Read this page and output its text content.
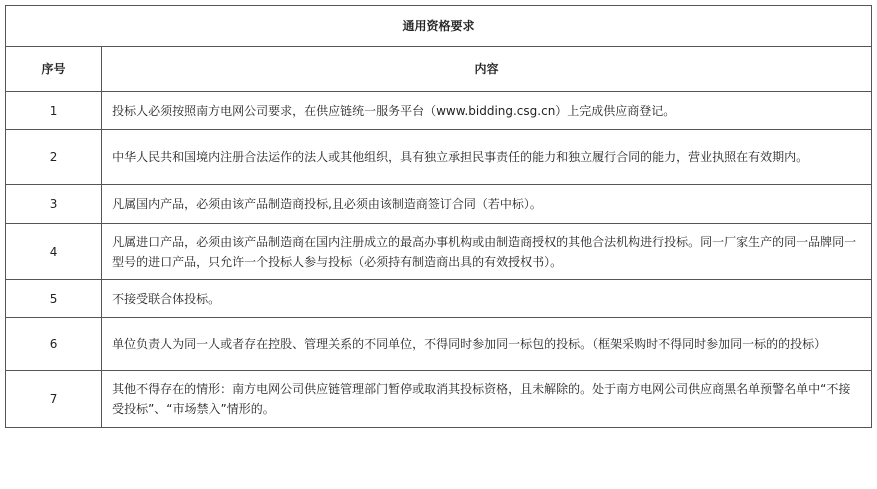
通用资格要求	
序号	内容
1	投标人必须按照南方电网公司要求，在供应链统一服务平台（www.bidding.csg.cn）上完成供应商登记。
2	中华人民共和国境内注册合法运作的法人或其他组织，具有独立承担民事责任的能力和独立履行合同的能力，营业执照在有效期内。
3	凡属国内产品，必须由该产品制造商投标,且必须由该制造商签订合同（若中标）。
4	凡属进口产品，必须由该产品制造商在国内注册成立的最高办事机构或由制造商授权的其他合法机构进行投标。同一厂家生产的同一品牌同一型号的进口产品，只允许一个投标人参与投标（必须持有制造商出具的有效授权书）。
5	不接受联合体投标。
6	单位负责人为同一人或者存在控股、管理关系的不同单位，不得同时参加同一标包的投标。（框架采购时不得同时参加同一标的的投标）
7	其他不得存在的情形：南方电网公司供应链管理部门暂停或取消其投标资格，且未解除的。处于南方电网公司供应商黑名单预警名单中“不接受投标”、“市场禁入”情形的。
